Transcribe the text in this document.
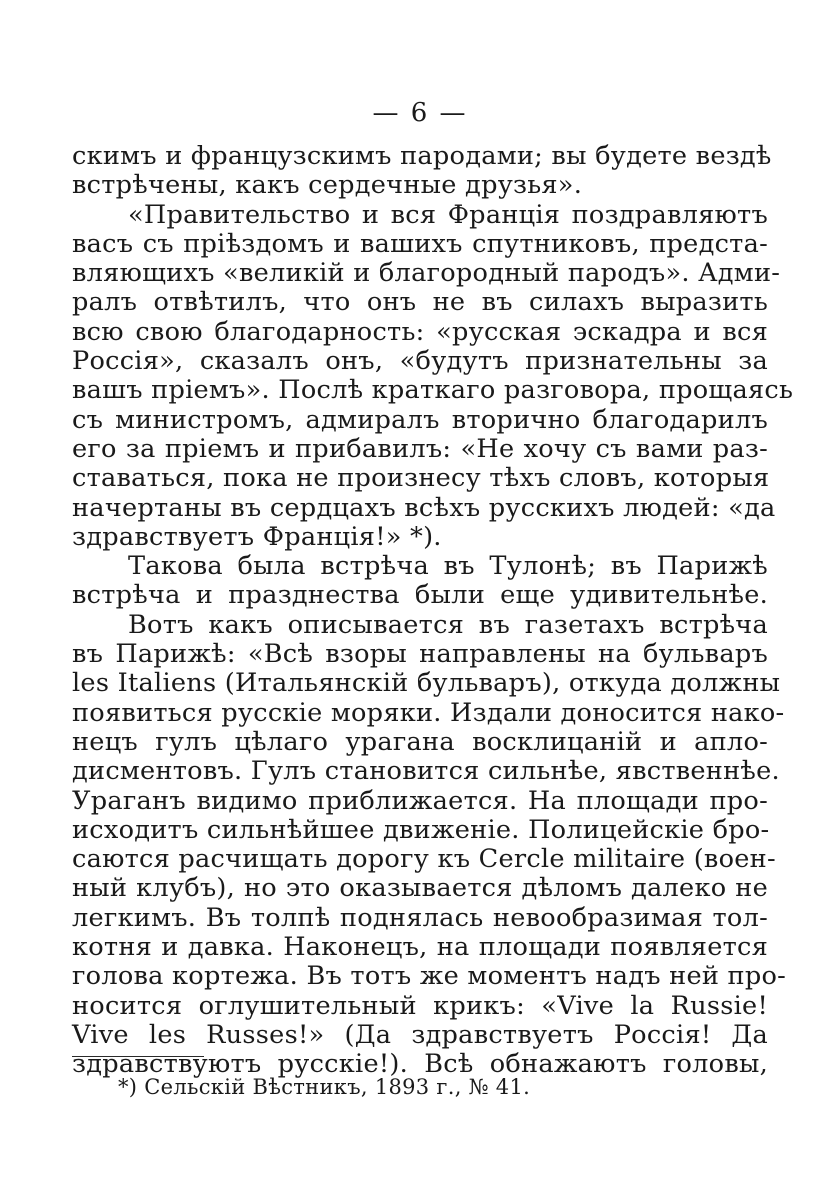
— 6 —
скимъ и французскимъ пародами; вы будете вездѣ
встрѣчены, какъ сердечные друзья».
«Правительство и вся Францiя поздравляютъ
васъ съ прiѣздомъ и вашихъ спутниковъ, предста-
вляющихъ «великiй и благородный пародъ». Адми-
ралъ отвѣтилъ, что онъ не въ силахъ выразить
всю свою благодарность: «русская эскадра и вся
Россiя», сказалъ онъ, «будутъ признательны за
вашъ прiемъ». Послѣ краткаго разговора, прощаясь
съ министромъ, адмиралъ вторично благодарилъ
его за прiемъ и прибавилъ: «Не хочу съ вами раз-
ставаться, пока не произнесу тѣхъ словъ, которыя
начертаны въ сердцахъ всѣхъ русскихъ людей: «да
здравствуетъ Францiя!» *).
Такова была встрѣча въ Тулонѣ; въ Парижѣ
встрѣча и празднества были еще удивительнѣе.
Вотъ какъ описывается въ газетахъ встрѣча
въ Парижѣ: «Всѣ взоры направлены на бульваръ
les Italiens (Итальянскiй бульваръ), откуда должны
появиться русскiе моряки. Издали доносится нако-
нецъ гулъ цѣлаго урагана восклицанiй и апло-
дисментовъ. Гулъ становится сильнѣе, явственнѣе.
Ураганъ видимо приближается. На площади про-
исходитъ сильнѣйшее движенiе. Полицейскiе бро-
саются расчищать дорогу къ Cercle militaire (воен-
ный клубъ), но это оказывается дѣломъ далеко не
легкимъ. Въ толпѣ поднялась невообразимая тол-
котня и давка. Наконецъ, на площади появляется
голова кортежа. Въ тотъ же моментъ надъ ней про-
носится оглушительный крикъ: «Vive la Russie!
Vive les Russes!» (Да здравствуетъ Россiя! Да
здравствуютъ русскiе!). Всѣ обнажаютъ головы,
*) Сельскiй Вѣстникъ, 1893 г., № 41.
